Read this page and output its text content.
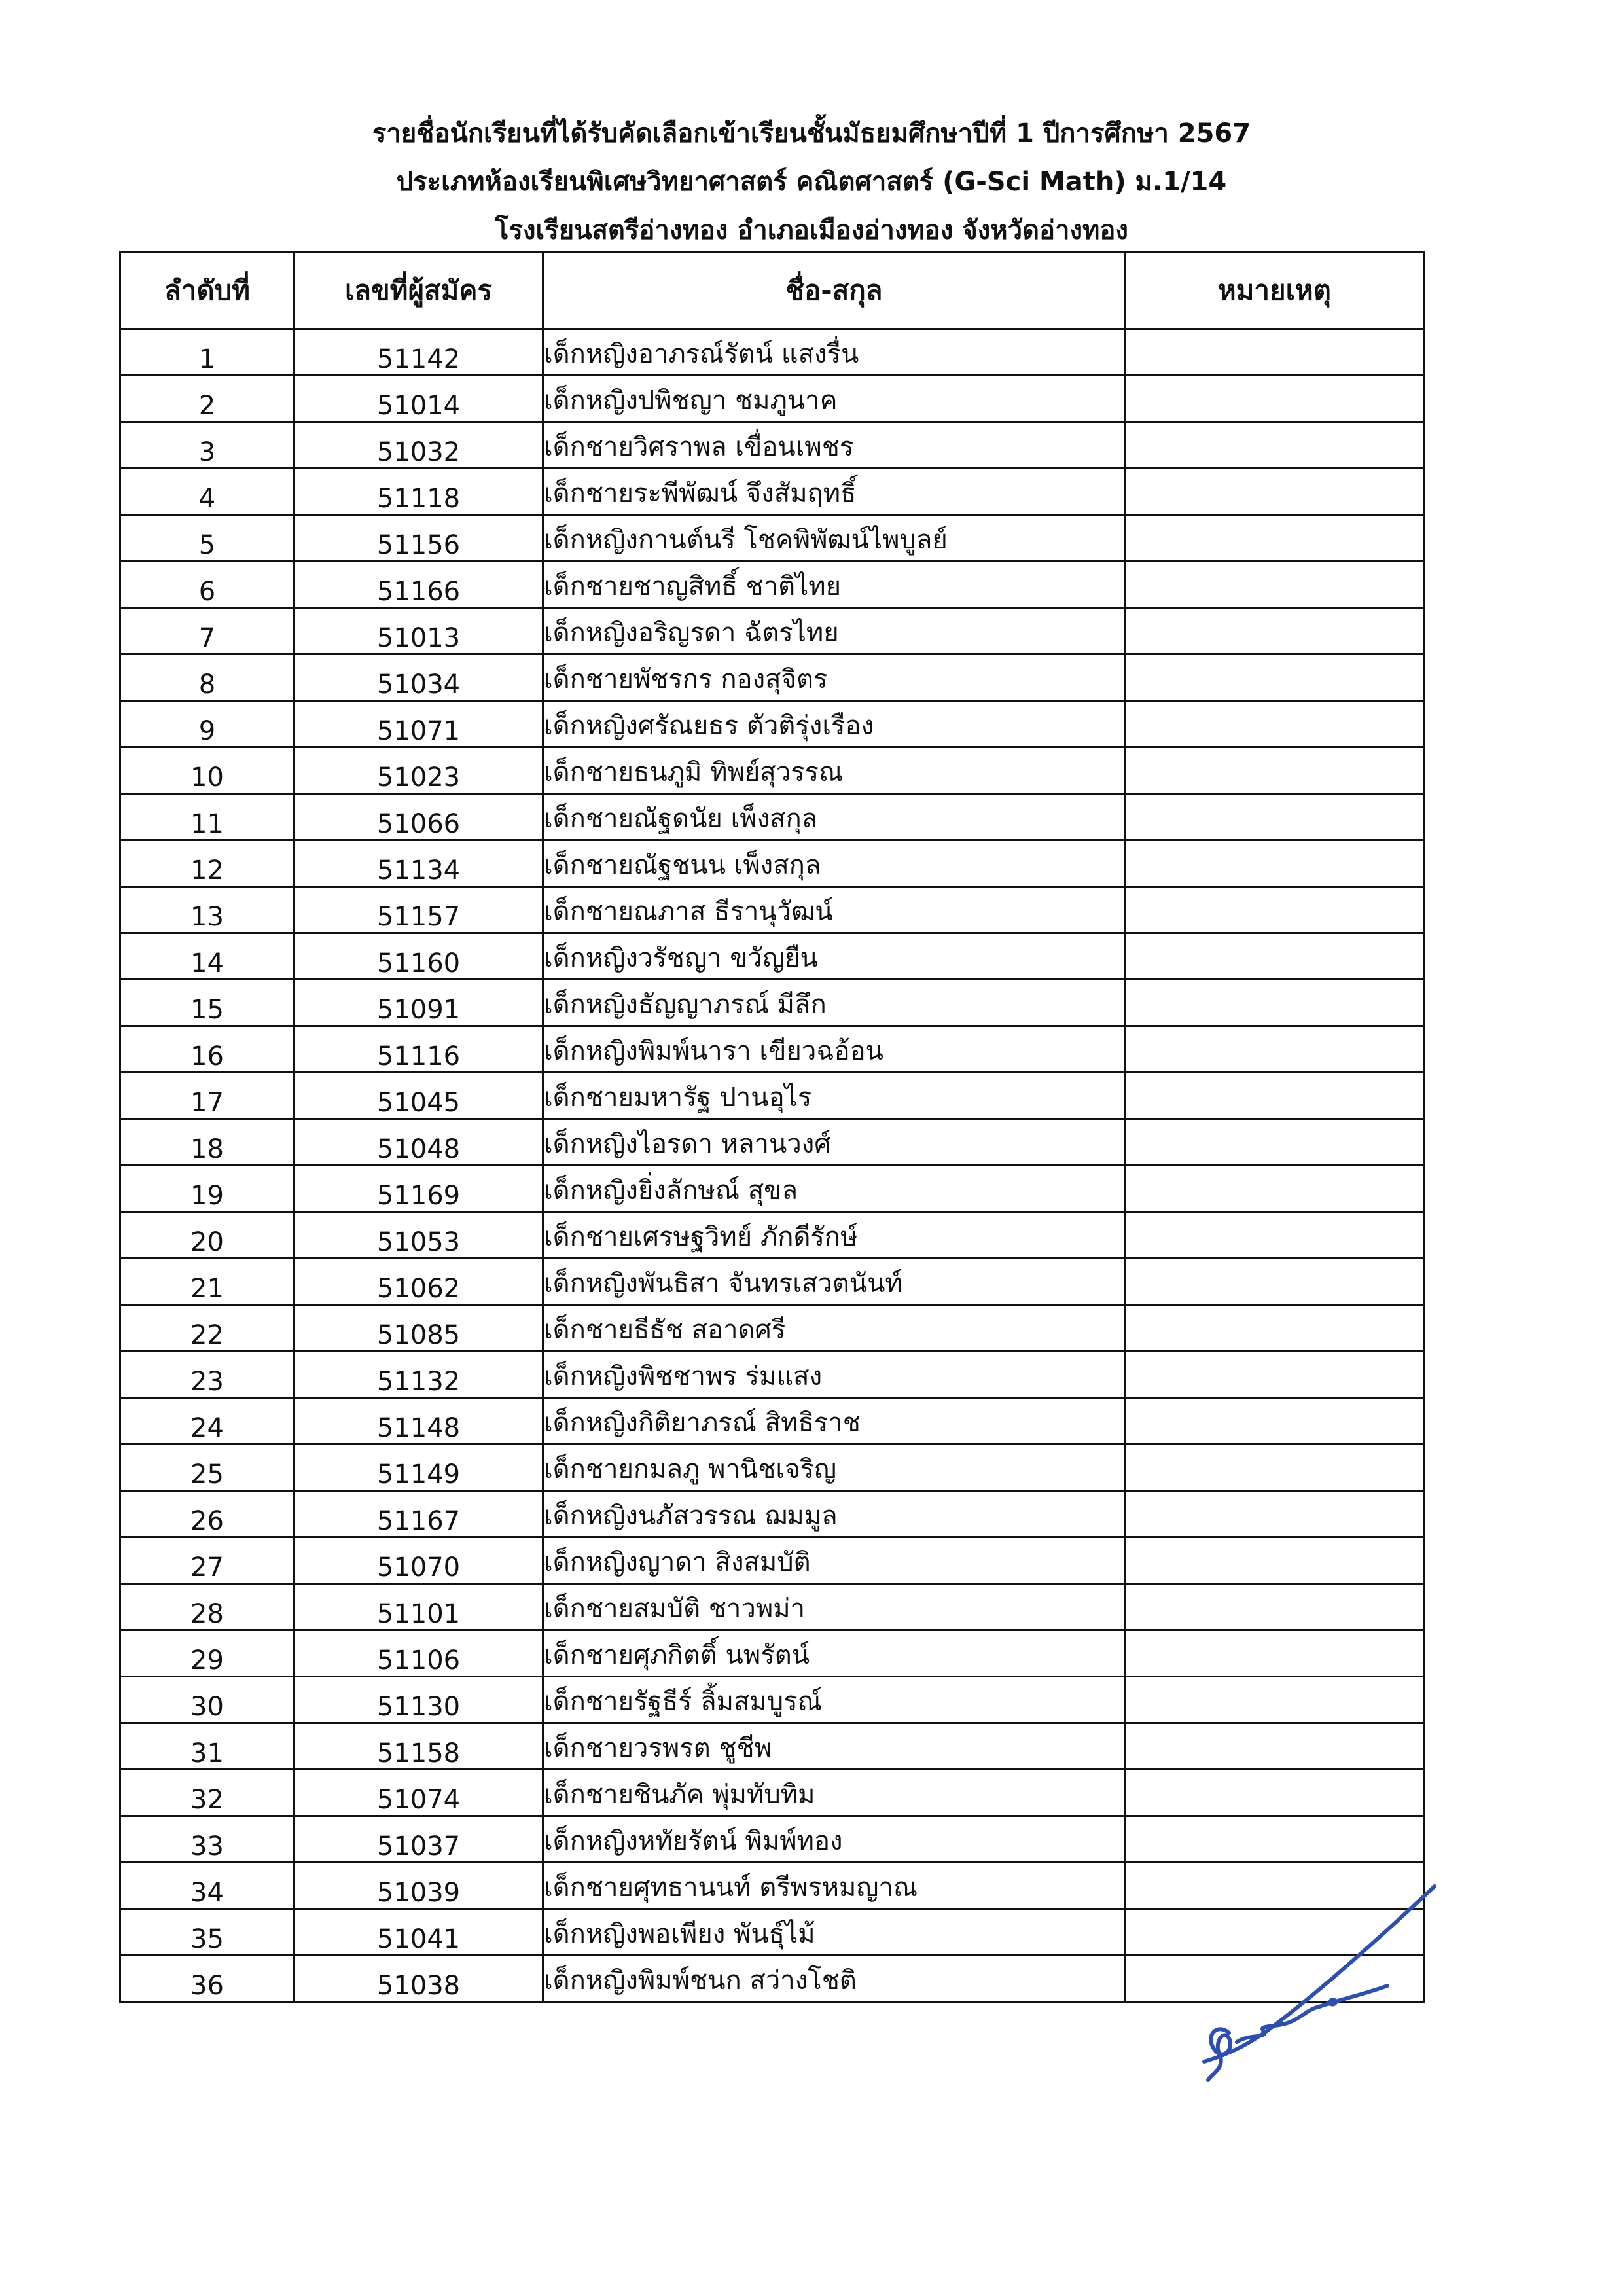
รายชื่อนักเรียนที่ได้รับคัดเลือกเข้าเรียนชั้นมัธยมศึกษาปีที่ 1 ปีการศึกษา 2567
ประเภทห้องเรียนพิเศษวิทยาศาสตร์ คณิตศาสตร์ (G-Sci Math) ม.1/14
โรงเรียนสตรีอ่างทอง อำเภอเมืองอ่างทอง จังหวัดอ่างทอง
ลำดับที่	เลขที่ผู้สมัคร	ชื่อ-สกุล	หมายเหตุ
1	51142	เด็กหญิงอาภรณ์รัตน์ แสงรื่น	
2	51014	เด็กหญิงปพิชญา ชมภูนาค	
3	51032	เด็กชายวิศราพล เขื่อนเพชร	
4	51118	เด็กชายระพีพัฒน์ จึงสัมฤทธิ์	
5	51156	เด็กหญิงกานต์นรี โชคพิพัฒน์ไพบูลย์	
6	51166	เด็กชายชาญสิทธิ์ ชาติไทย	
7	51013	เด็กหญิงอริญรดา ฉัตรไทย	
8	51034	เด็กชายพัชรกร กองสุจิตร	
9	51071	เด็กหญิงศรัณยธร ตัวติรุ่งเรือง	
10	51023	เด็กชายธนภูมิ ทิพย์สุวรรณ	
11	51066	เด็กชายณัฐดนัย เพ็งสกุล	
12	51134	เด็กชายณัฐชนน เพ็งสกุล	
13	51157	เด็กชายณภาส ธีรานุวัฒน์	
14	51160	เด็กหญิงวรัชญา ขวัญยืน	
15	51091	เด็กหญิงธัญญาภรณ์ มีลึก	
16	51116	เด็กหญิงพิมพ์นารา เขียวฉอ้อน	
17	51045	เด็กชายมหารัฐ ปานอุไร	
18	51048	เด็กหญิงไอรดา หลานวงศ์	
19	51169	เด็กหญิงยิ่งลักษณ์ สุขล	
20	51053	เด็กชายเศรษฐวิทย์ ภักดีรักษ์	
21	51062	เด็กหญิงพันธิสา จันทรเสวตนันท์	
22	51085	เด็กชายธีธัช สอาดศรี	
23	51132	เด็กหญิงพิชชาพร ร่มแสง	
24	51148	เด็กหญิงกิติยาภรณ์ สิทธิราช	
25	51149	เด็กชายกมลภู พานิชเจริญ	
26	51167	เด็กหญิงนภัสวรรณ ฌมมูล	
27	51070	เด็กหญิงญาดา สิงสมบัติ	
28	51101	เด็กชายสมบัติ ชาวพม่า	
29	51106	เด็กชายศุภกิตติ์ นพรัตน์	
30	51130	เด็กชายรัฐธีร์ ลิ้มสมบูรณ์	
31	51158	เด็กชายวรพรต ชูชีพ	
32	51074	เด็กชายชินภัค พุ่มทับทิม	
33	51037	เด็กหญิงหทัยรัตน์ พิมพ์ทอง	
34	51039	เด็กชายศุทธานนท์ ตรีพรหมญาณ	
35	51041	เด็กหญิงพอเพียง พันธุ์ไม้	
36	51038	เด็กหญิงพิมพ์ชนก สว่างโชติ	
